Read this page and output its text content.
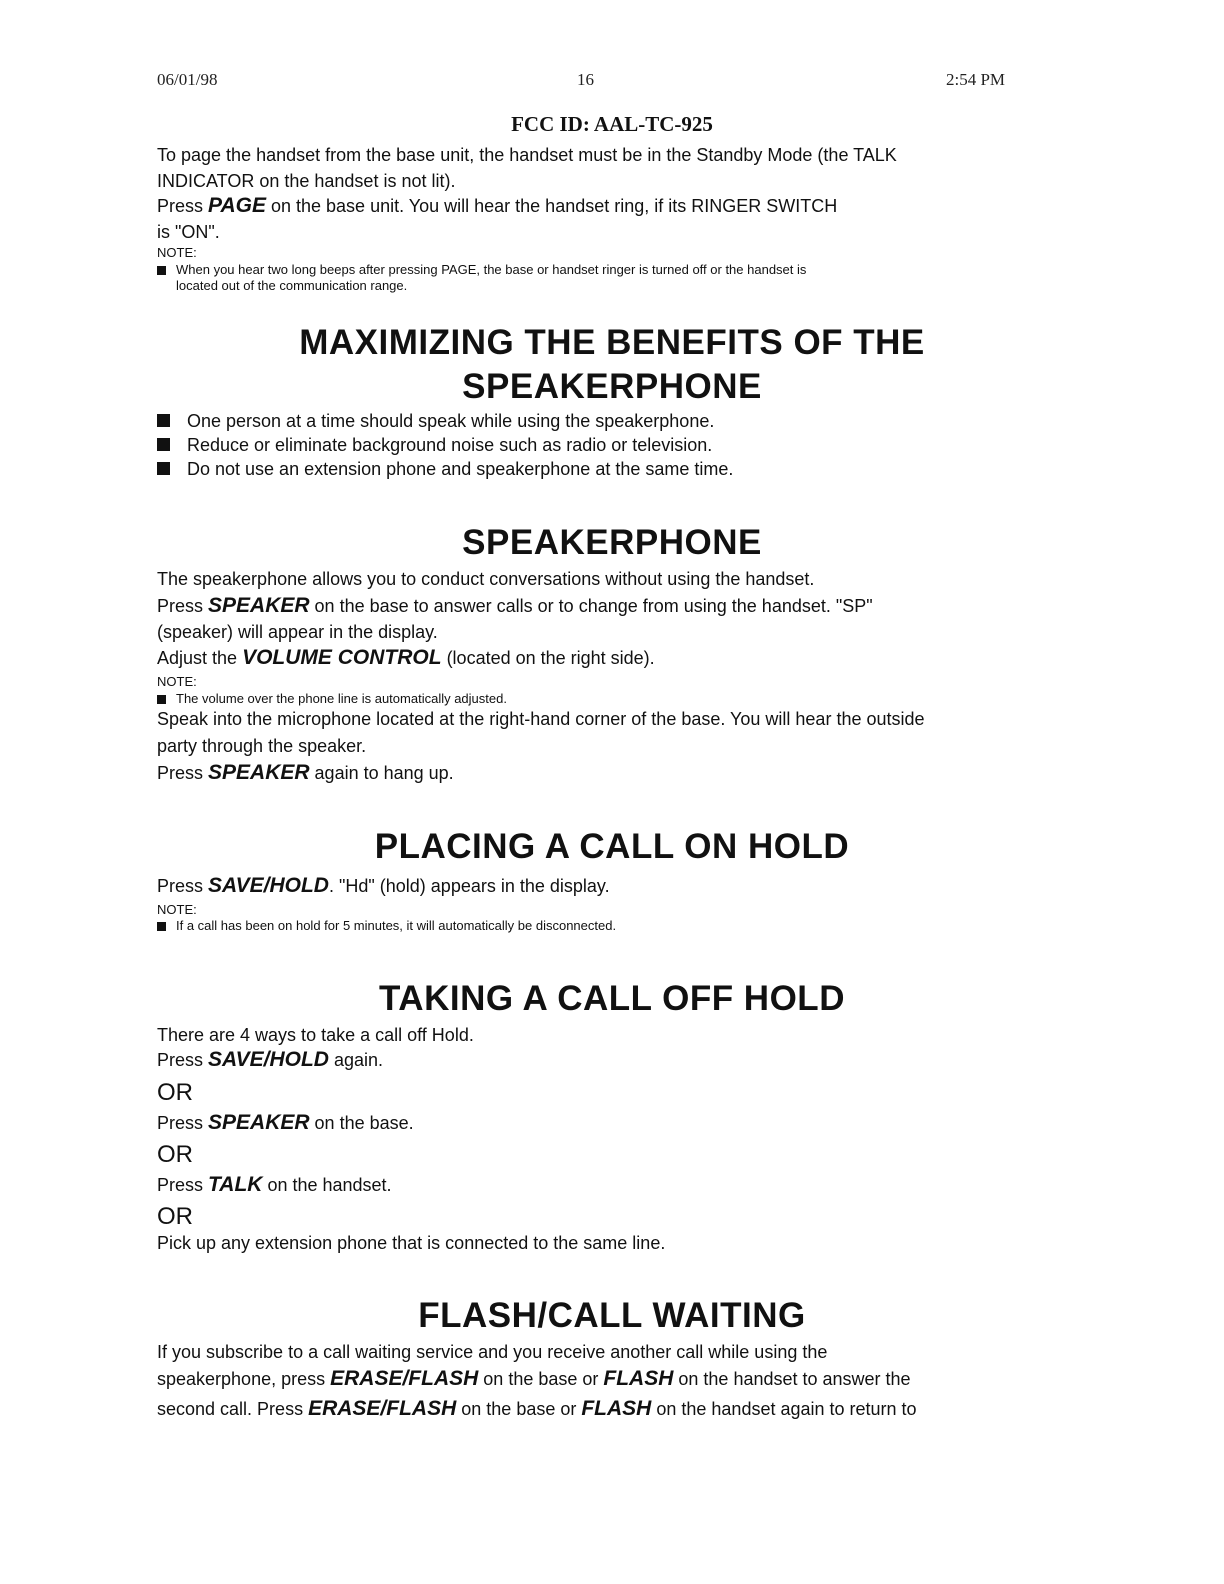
06/01/98	16	2:54 PM
FCC ID: AAL-TC-925
To page the handset from the base unit, the handset must be in the Standby Mode (the TALK
INDICATOR on the handset is not lit).
Press PAGE on the base unit. You will hear the handset ring, if its RINGER SWITCH
is "ON".
NOTE:
When you hear two long beeps after pressing PAGE, the base or handset ringer is turned off or the handset is
located out of the communication range.
MAXIMIZING THE BENEFITS OF THE
SPEAKERPHONE
One person at a time should speak while using the speakerphone.
Reduce or eliminate background noise such as radio or television.
Do not use an extension phone and speakerphone at the same time.
SPEAKERPHONE
The speakerphone allows you to conduct conversations without using the handset.
Press SPEAKER on the base to answer calls or to change from using the handset. "SP"
(speaker) will appear in the display.
Adjust the VOLUME CONTROL (located on the right side).
NOTE:
The volume over the phone line is automatically adjusted.
Speak into the microphone located at the right-hand corner of the base. You will hear the outside
party through the speaker.
Press SPEAKER again to hang up.
PLACING A CALL ON HOLD
Press SAVE/HOLD. "Hd" (hold) appears in the display.
NOTE:
If a call has been on hold for 5 minutes, it will automatically be disconnected.
TAKING A CALL OFF HOLD
There are 4 ways to take a call off Hold.
Press SAVE/HOLD again.
OR
Press SPEAKER on the base.
OR
Press TALK on the handset.
OR
Pick up any extension phone that is connected to the same line.
FLASH/CALL WAITING
If you subscribe to a call waiting service and you receive another call while using the
speakerphone, press ERASE/FLASH on the base or FLASH on the handset to answer the
second call. Press ERASE/FLASH on the base or FLASH on the handset again to return to
